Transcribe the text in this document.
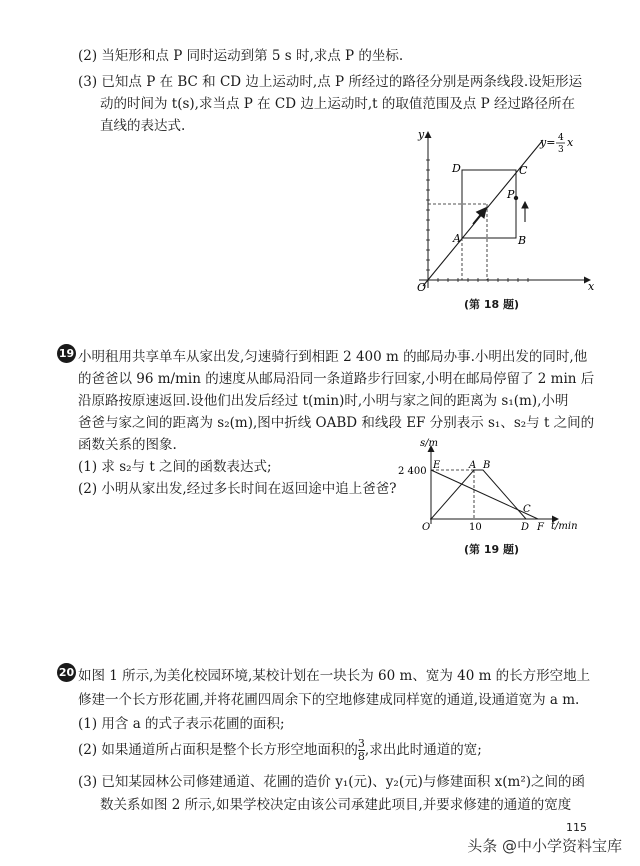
(2) 当矩形和点 P 同时运动到第 5 s 时,求点 P 的坐标.
(3) 已知点 P 在 BC 和 CD 边上运动时,点 P 所经过的路径分别是两条线段.设矩形运
动的时间为 t(s),求当点 P 在 CD 边上运动时,t 的取值范围及点 P 经过路径所在
直线的表达式.
y
x
O
A	B
C
D
P
y= 4
3
x
(第 18 题)
19 小明租用共享单车从家出发,匀速骑行到相距 2 400 m 的邮局办事.小明出发的同时,他
的爸爸以 96 m/min 的速度从邮局沿同一条道路步行回家,小明在邮局停留了 2 min 后
沿原路按原速返回.设他们出发后经过 t(min)时,小明与家之间的距离为 s₁(m),小明
爸爸与家之间的距离为 s₂(m),图中折线 OABD 和线段 EF 分别表示 s₁、s₂与 t 之间的
函数关系的图象.
(1) 求 s₂与 t 之间的函数表达式;
(2) 小明从家出发,经过多长时间在返回途中追上爸爸?
s/m
t/min
2 400
10
O
E	A B
C
D F
(第 19 题)
20 如图 1 所示,为美化校园环境,某校计划在一块长为 60 m、宽为 40 m 的长方形空地上
修建一个长方形花圃,并将花圃四周余下的空地修建成同样宽的通道,设通道宽为 a m.
(1) 用含 a 的式子表示花圃的面积;
(2) 如果通道所占面积是整个长方形空地面积的 $\frac{3}{8}$ ,求出此时通道的宽;
(3) 已知某园林公司修建通道、花圃的造价 y₁(元)、y₂(元)与修建面积 x(m²)之间的函
数关系如图 2 所示,如果学校决定由该公司承建此项目,并要求修建的通道的宽度
115
头条 @中小学资料宝库
